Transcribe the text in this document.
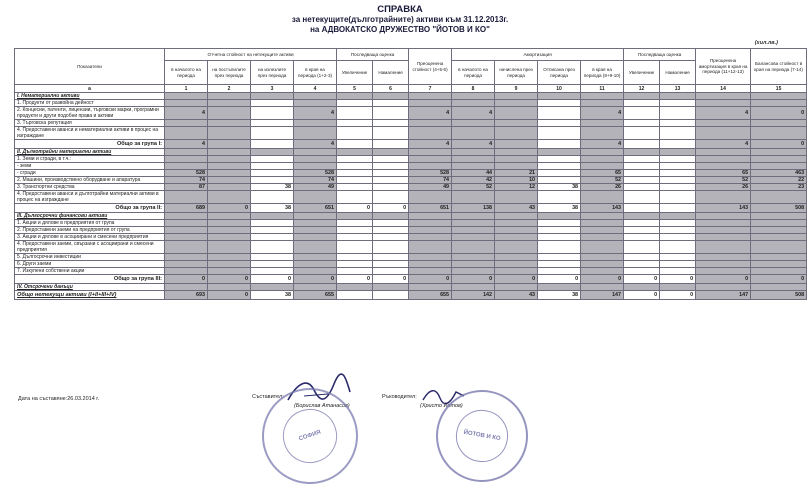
СПРАВКА
за нетекущите(дълготрайните) активи към 31.12.2013г.
на АДВОКАТСКО ДРУЖЕСТВО "ЙОТОВ И КО"
(хил.лв.)
Показатели	Отчетна стойност на нетекущите активи				Последваща оценка		Преоценена стойност (4+5-6)	Амортизация				Последваща оценка		Преоценена амортизация в края на периода (11+12-13)	Балансова стойност в края на периода (7-14)
	в началото на периода	на постъпилите през периода	на излезлите през периода	в края на периода (1+2-3)	Увеличение	Намаление		в началото на периода	начислена през периода	Отписана през периода	в края на периода (8+9-10)	Увеличение	Намаление		
а	1	2	3	4	5	6	7	8	9	10	11	12	13	14	15
I. Нематериални активи															
1. Продукти от развойна дейност															
2. Концесии, патенти, лицензии, търговски марки, програмни продукти и други подобни права и активи	4			4			4	4			4			4	0
3. Търговска репутация															
4. Предоставени аванси и нематериални активи в процес на изграждане															
Общо за група I:	4			4			4	4			4			4	0
II. Дълготрайни материални активи															
1. Земи и сгради, в т.ч.:															
- земи															
- сгради	528			528			528	44	21		65			65	463
2. Машини, производствено оборудване и апаратура	74			74			74	42	10		52			52	22
3. Транспортни средства	87		38	49			49	52	12	38	26			26	23
4. Предоставени аванси и дълготрайни материални активи в процес на изграждане															
Общо за група II:	689	0	38	651	0	0	651	138	43	38	143			143	508
III. Дългосрочни финансови активи															
1. Акции и дялове в предприятия от група															
2. Предоставени заеми на предприятия от група															
3. Акции и дялове в асоциирани и смесени предприятия															
4. Предоставени заеми, свързани с асоциирани и смесени предприятия															
5. Дългосрочни инвестиции															
6. Други заеми															
7. Изкупени собствени акции															
Общо за група III:	0	0	0	0	0	0	0	0	0	0	0	0	0	0	0
IV. Отсрочени данъци															
Общо нетекущи активи (I+II+III+IV)	693	0	38	655			655	142	43	38	147	0	0	147	508
Дата на съставяне:26.03.2014 г.	Съставител:
(Борислав Атанасов)
СОФИЯ
Ръководител:
(Христо Йотов)
ЙОТОВ И КО
